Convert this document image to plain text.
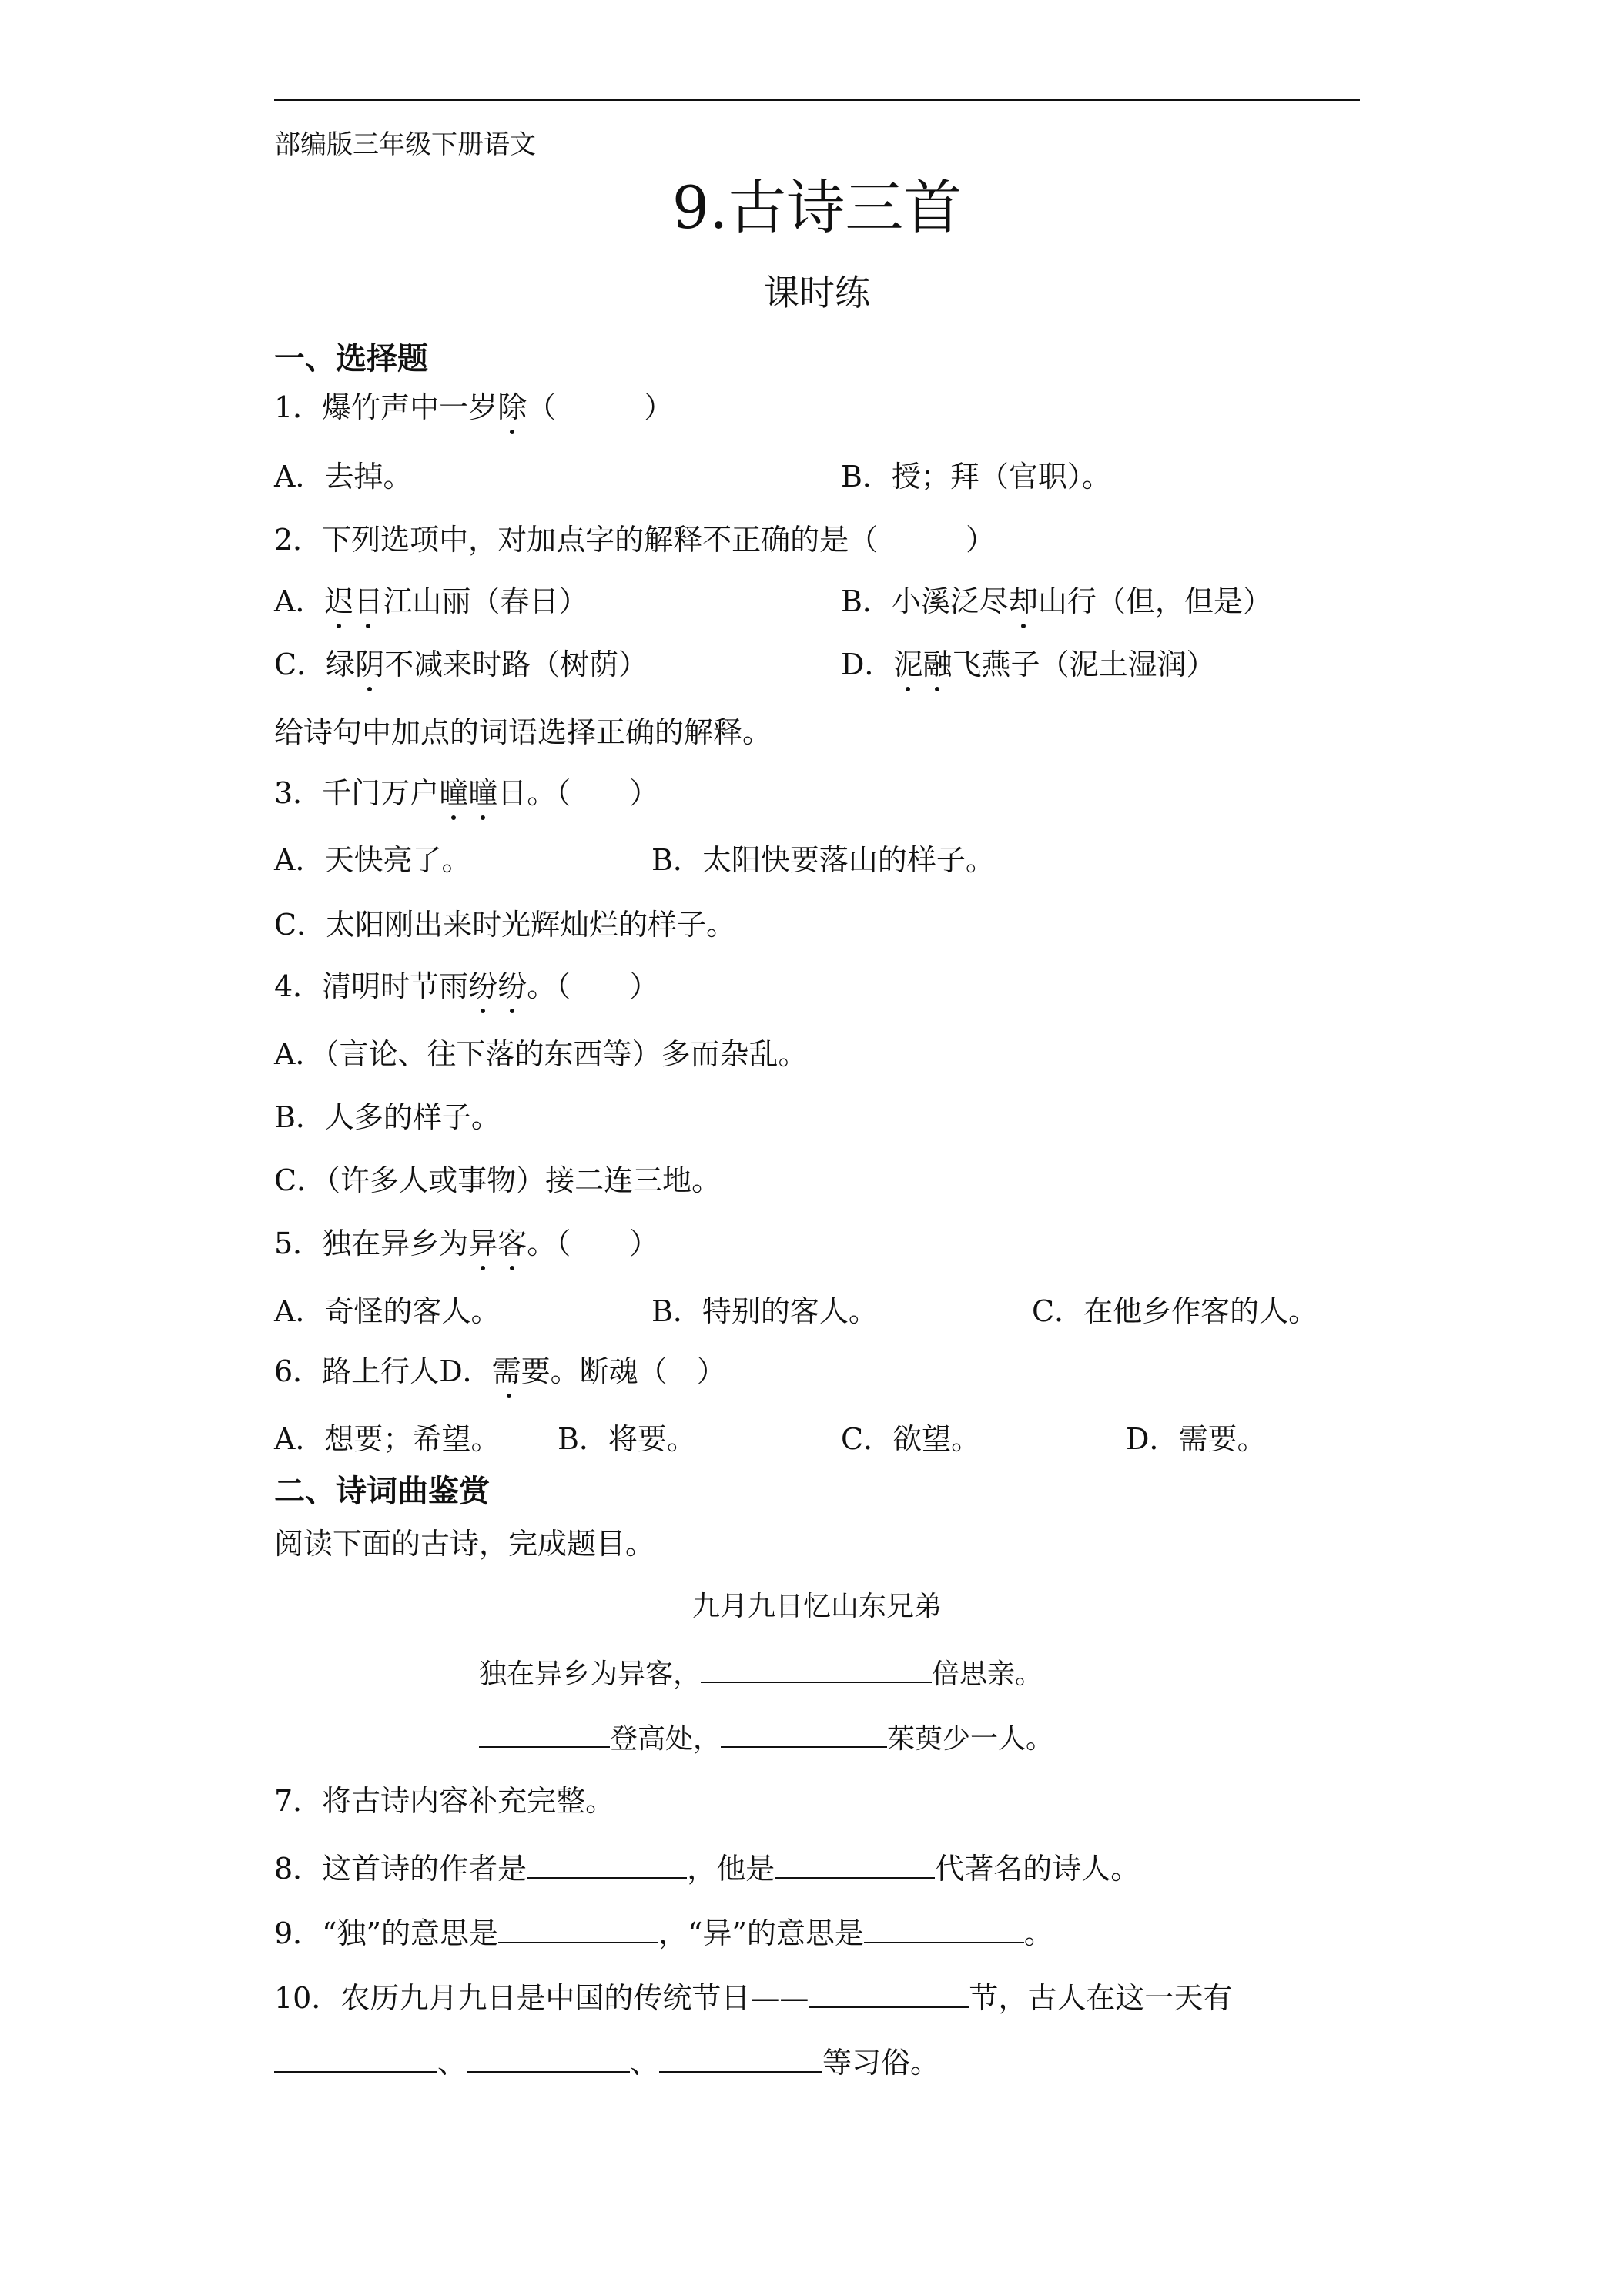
部编版三年级下册语文
9.古诗三首
课时练
一、选择题
1．爆竹声中一岁除（　　　）
A．去掉。	B．授；拜（官职）。
2．下列选项中，对加点字的解释不正确的是（　　　）
A．迟日江山丽（春日）	B．小溪泛尽却山行（但，但是）
C．绿阴不减来时路（树荫）	D．泥融飞燕子（泥土湿润）
给诗句中加点的词语选择正确的解释。
3．千门万户曈曈日。（　　）
A．天快亮了。	B．太阳快要落山的样子。
C．太阳刚出来时光辉灿烂的样子。
4．清明时节雨纷纷。（　　）
A．（言论、往下落的东西等）多而杂乱。
B．人多的样子。
C．（许多人或事物）接二连三地。
5．独在异乡为异客。（　　）
A．奇怪的客人。	B．特别的客人。	C．在他乡作客的人。
6．路上行人D．需要。断魂（　）
A．想要；希望。 B．将要。	C．欲望。	D．需要。
二、诗词曲鉴赏
阅读下面的古诗，完成题目。
九月九日忆山东兄弟
独在异乡为异客，	倍思亲。
登高处，	茱萸少一人。
7．将古诗内容补充完整。
8．这首诗的作者是	，他是	代著名的诗人。
9．“独”的意思是	，“异”的意思是	。
10．农历九月九日是中国的传统节日——	节，古人在这一天有
、	、	等习俗。
